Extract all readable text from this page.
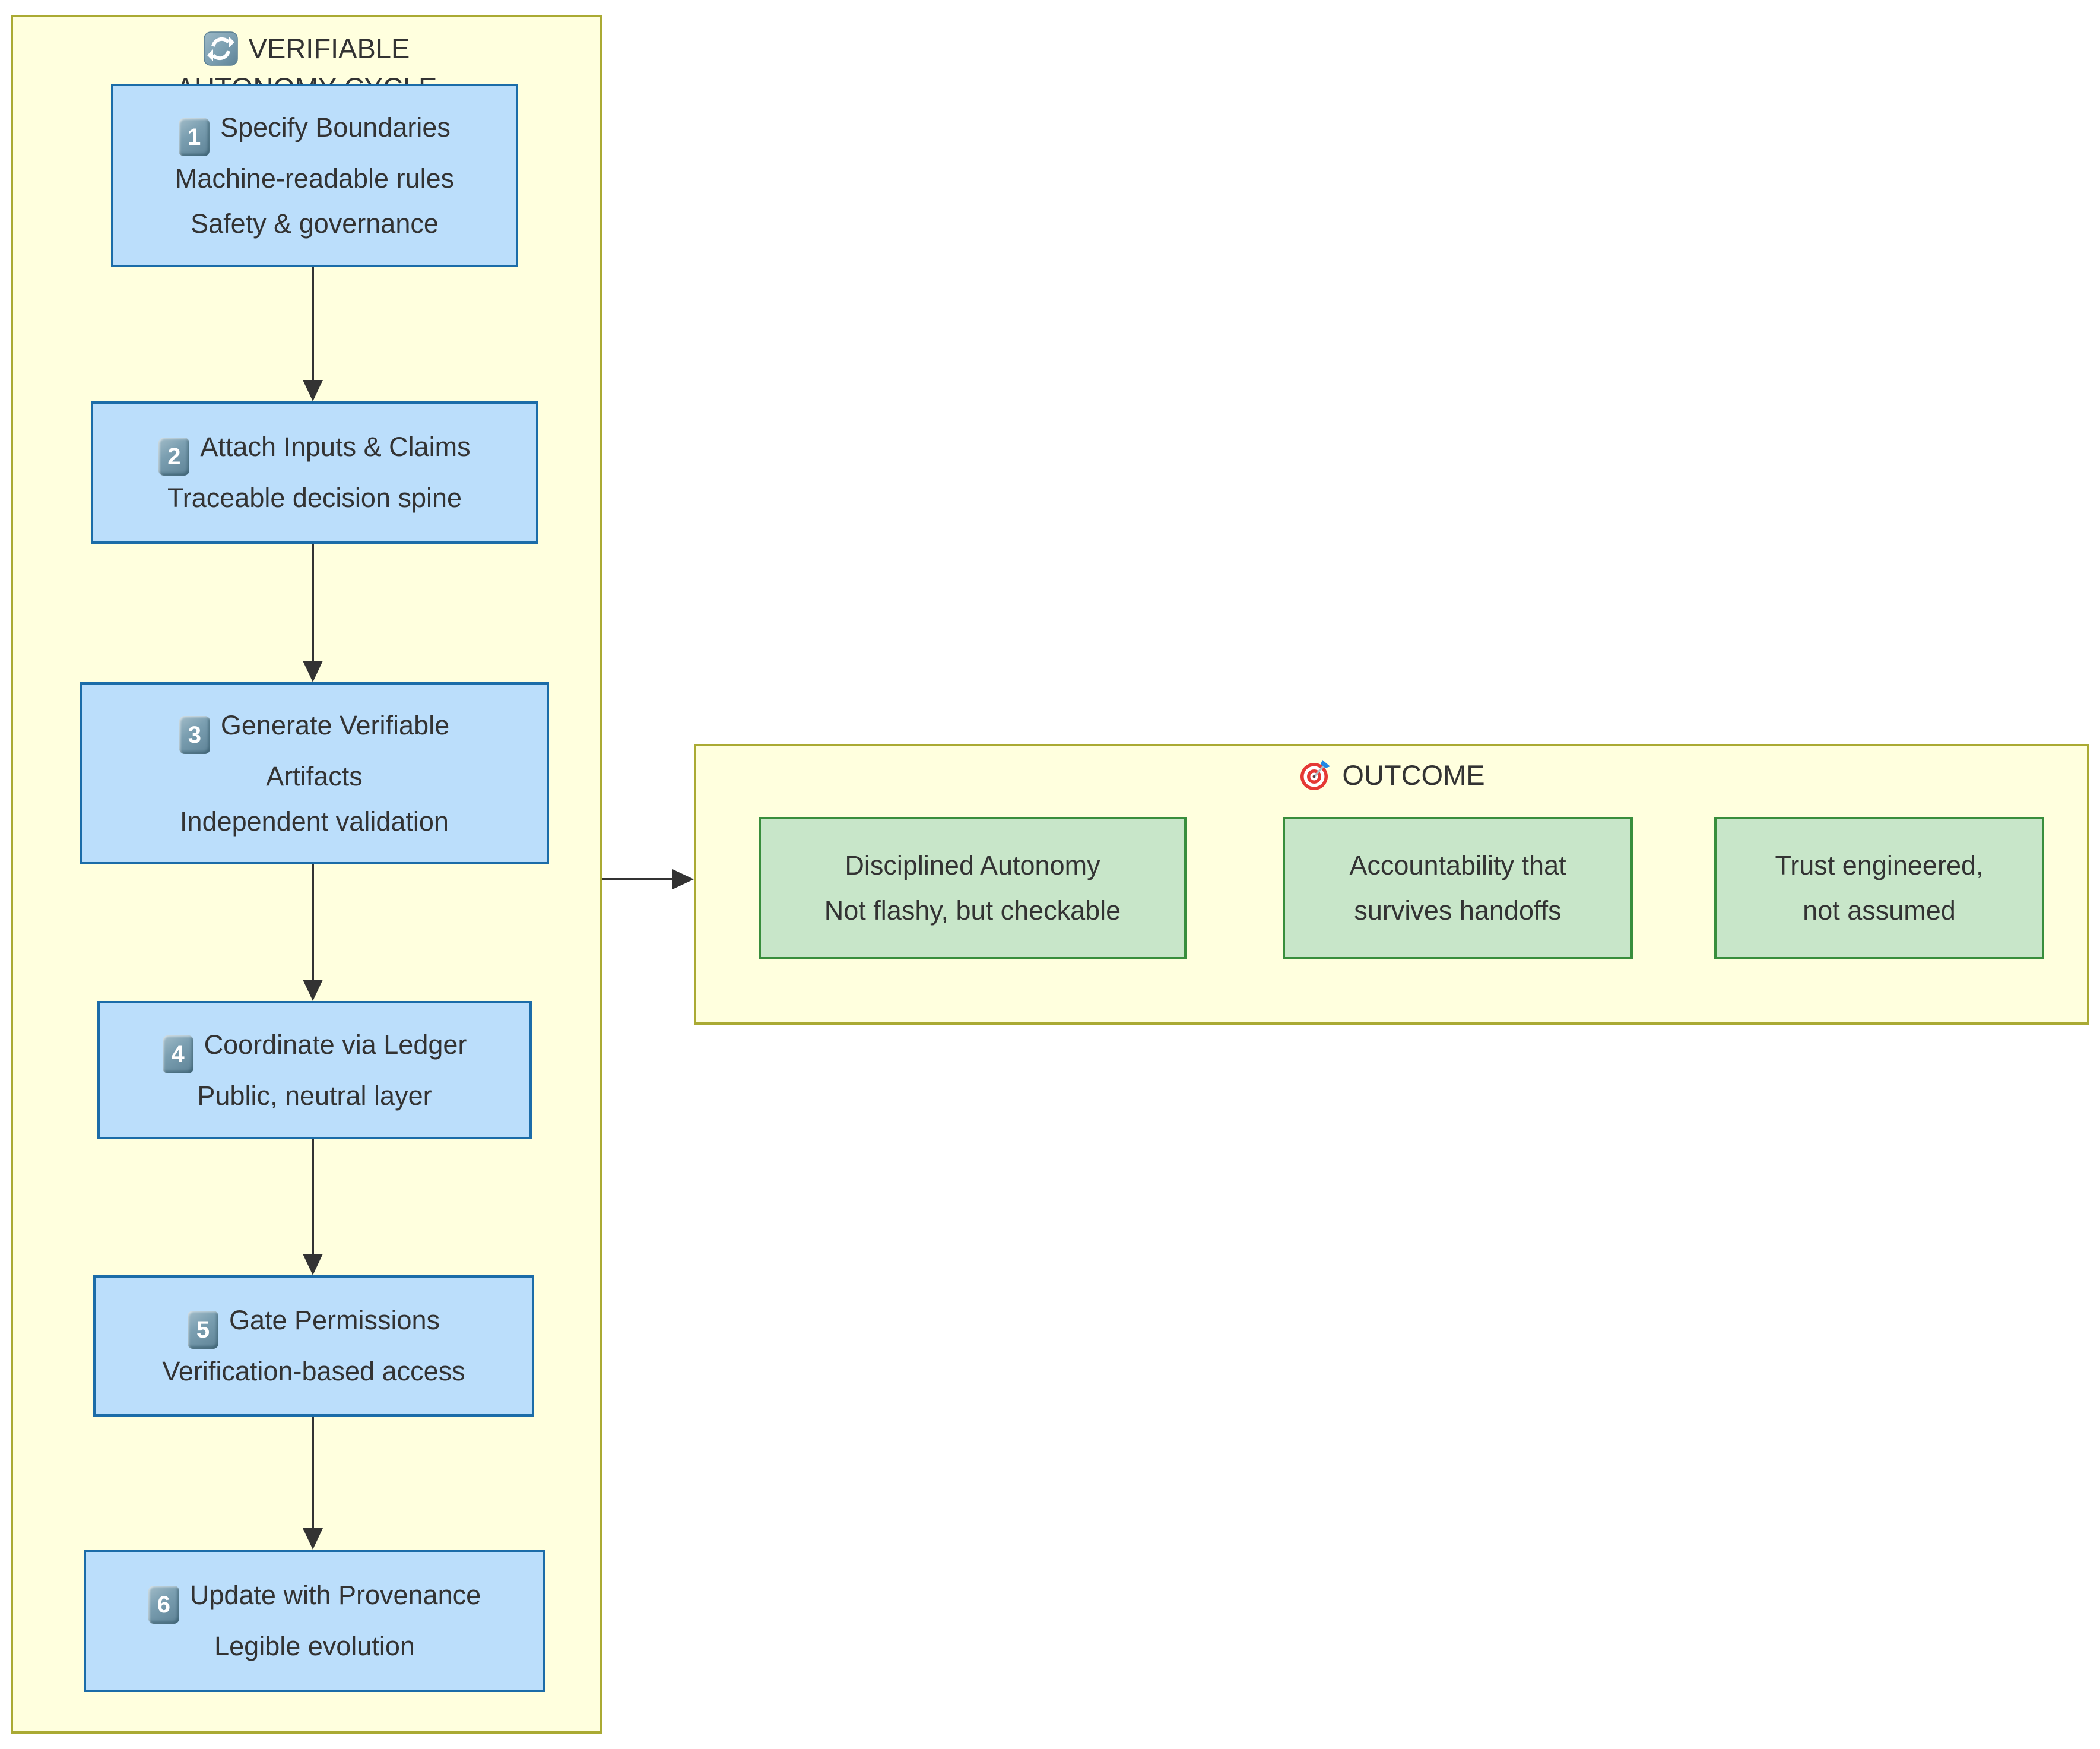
VERIFIABLE
1 Specify Boundaries
Machine-readable rules
Safety & governance
2 Attach Inputs & Claims
Traceable decision spine
3 Generate Verifiable
Artifacts
Independent validation
4 Coordinate via Ledger
Public, neutral layer
5 Gate Permissions
Verification-based access
6 Update with Provenance
Legible evolution
OUTCOME
Disciplined Autonomy
Not flashy, but checkable
Accountability that
survives handoffs
Trust engineered,
not assumed
